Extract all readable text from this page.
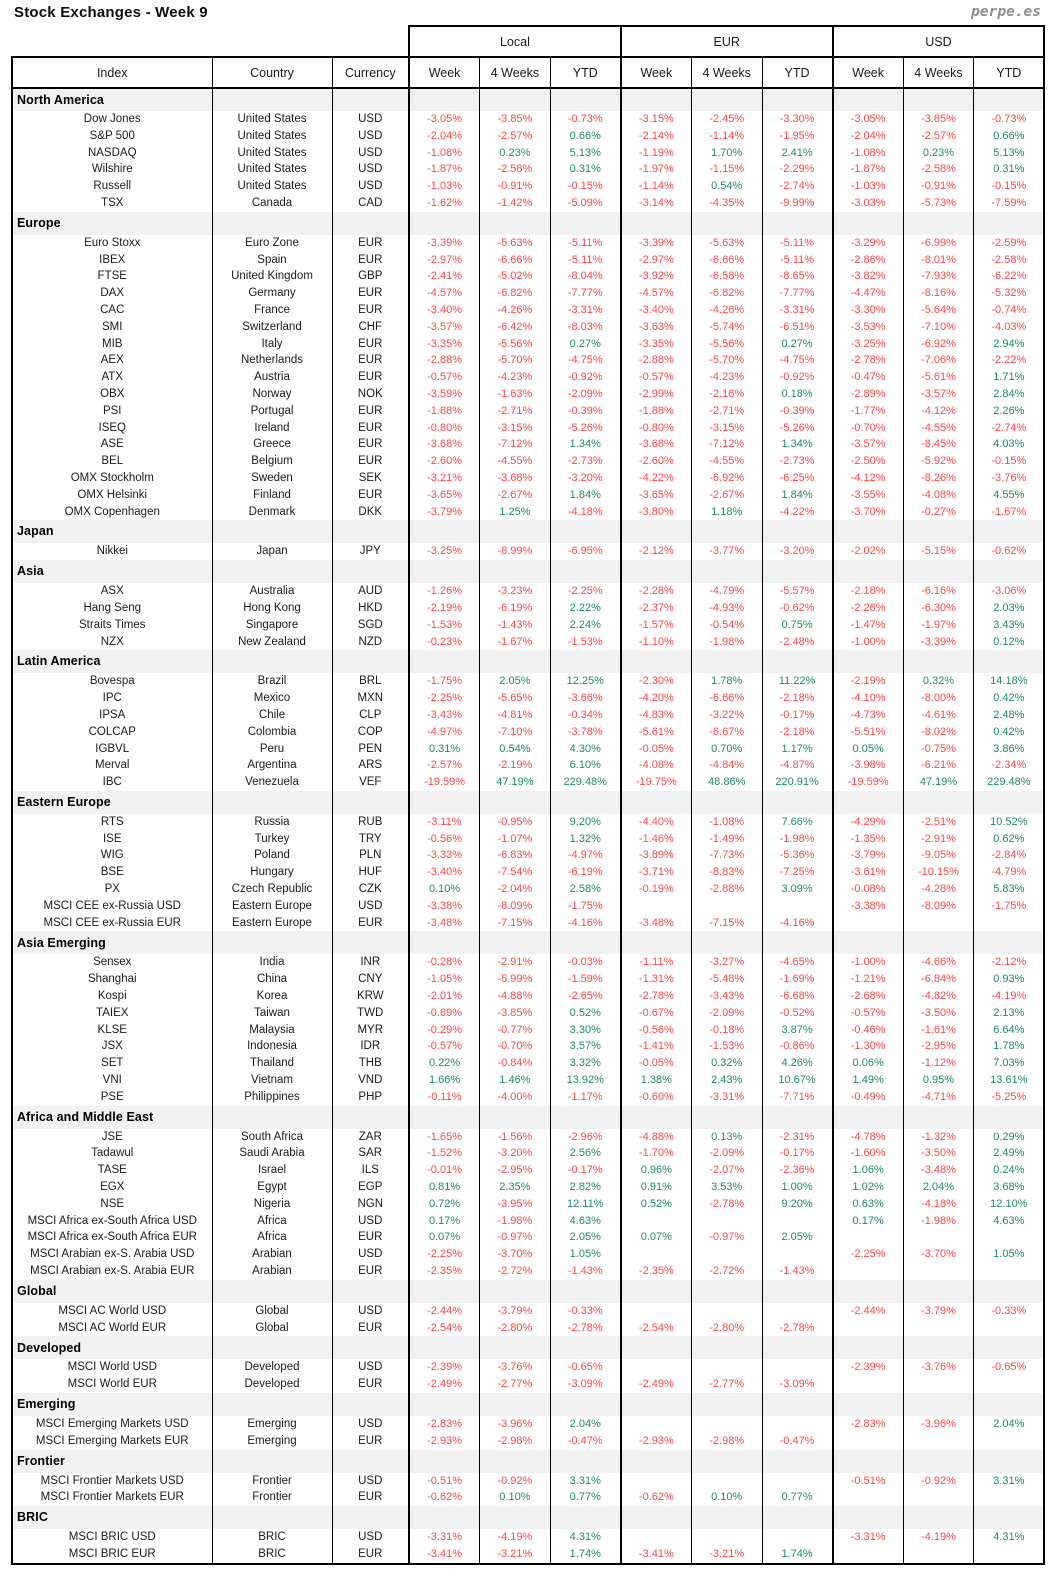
Stock Exchanges - Week 9	perpe.es
			Local			EUR			USD		
Index	Country	Currency	Week	4 Weeks	YTD	Week	4 Weeks	YTD	Week	4 Weeks	YTD
North America											
Dow Jones	United States	USD	-3.05%	-3.85%	-0.73%	-3.15%	-2.45%	-3.30%	-3.05%	-3.85%	-0.73%
S&P 500	United States	USD	-2.04%	-2.57%	0.66%	-2.14%	-1.14%	-1.95%	-2.04%	-2.57%	0.66%
NASDAQ	United States	USD	-1.08%	0.23%	5.13%	-1.19%	1.70%	2.41%	-1.08%	0.23%	5.13%
Wilshire	United States	USD	-1.87%	-2.58%	0.31%	-1.97%	-1.15%	-2.29%	-1.87%	-2.58%	0.31%
Russell	United States	USD	-1.03%	-0.91%	-0.15%	-1.14%	0.54%	-2.74%	-1.03%	-0.91%	-0.15%
TSX	Canada	CAD	-1.62%	-1.42%	-5.09%	-3.14%	-4.35%	-9.99%	-3.03%	-5.73%	-7.59%
Europe											
Euro Stoxx	Euro Zone	EUR	-3.39%	-5.63%	-5.11%	-3.39%	-5.63%	-5.11%	-3.29%	-6.99%	-2.59%
IBEX	Spain	EUR	-2.97%	-6.66%	-5.11%	-2.97%	-6.66%	-5.11%	-2.86%	-8.01%	-2.58%
FTSE	United Kingdom	GBP	-2.41%	-5.02%	-8.04%	-3.92%	-6.58%	-8.65%	-3.82%	-7.93%	-6.22%
DAX	Germany	EUR	-4.57%	-6.82%	-7.77%	-4.57%	-6.82%	-7.77%	-4.47%	-8.16%	-5.32%
CAC	France	EUR	-3.40%	-4.26%	-3.31%	-3.40%	-4.26%	-3.31%	-3.30%	-5.64%	-0.74%
SMI	Switzerland	CHF	-3.57%	-6.42%	-8.03%	-3.63%	-5.74%	-6.51%	-3.53%	-7.10%	-4.03%
MIB	Italy	EUR	-3.35%	-5.56%	0.27%	-3.35%	-5.56%	0.27%	-3.25%	-6.92%	2.94%
AEX	Netherlands	EUR	-2.88%	-5.70%	-4.75%	-2.88%	-5.70%	-4.75%	-2.78%	-7.06%	-2.22%
ATX	Austria	EUR	-0.57%	-4.23%	-0.92%	-0.57%	-4.23%	-0.92%	-0.47%	-5.61%	1.71%
OBX	Norway	NOK	-3.59%	-1.63%	-2.09%	-2.99%	-2.16%	0.18%	-2.89%	-3.57%	2.84%
PSI	Portugal	EUR	-1.88%	-2.71%	-0.39%	-1.88%	-2.71%	-0.39%	-1.77%	-4.12%	2.26%
ISEQ	Ireland	EUR	-0.80%	-3.15%	-5.26%	-0.80%	-3.15%	-5.26%	-0.70%	-4.55%	-2.74%
ASE	Greece	EUR	-3.68%	-7.12%	1.34%	-3.68%	-7.12%	1.34%	-3.57%	-8.45%	4.03%
BEL	Belgium	EUR	-2.60%	-4.55%	-2.73%	-2.60%	-4.55%	-2.73%	-2.50%	-5.92%	-0.15%
OMX Stockholm	Sweden	SEK	-3.21%	-3.68%	-3.20%	-4.22%	-6.92%	-6.25%	-4.12%	-8.26%	-3.76%
OMX Helsinki	Finland	EUR	-3.65%	-2.67%	1.84%	-3.65%	-2.67%	1.84%	-3.55%	-4.08%	4.55%
OMX Copenhagen	Denmark	DKK	-3.79%	1.25%	-4.18%	-3.80%	1.18%	-4.22%	-3.70%	-0.27%	-1.67%
Japan											
Nikkei	Japan	JPY	-3.25%	-8.99%	-6.95%	-2.12%	-3.77%	-3.20%	-2.02%	-5.15%	-0.62%
Asia											
ASX	Australia	AUD	-1.26%	-3.23%	-2.25%	-2.28%	-4.79%	-5.57%	-2.18%	-6.16%	-3.06%
Hang Seng	Hong Kong	HKD	-2.19%	-6.19%	2.22%	-2.37%	-4.93%	-0.62%	-2.26%	-6.30%	2.03%
Straits Times	Singapore	SGD	-1.53%	-1.43%	2.24%	-1.57%	-0.54%	0.75%	-1.47%	-1.97%	3.43%
NZX	New Zealand	NZD	-0.23%	-1.67%	-1.53%	-1.10%	-1.98%	-2.48%	-1.00%	-3.39%	0.12%
Latin America											
Bovespa	Brazil	BRL	-1.75%	2.05%	12.25%	-2.30%	1.78%	11.22%	-2.19%	0.32%	14.18%
IPC	Mexico	MXN	-2.25%	-5.65%	-3.66%	-4.20%	-6.66%	-2.18%	-4.10%	-8.00%	0.42%
IPSA	Chile	CLP	-3.43%	-4.81%	-0.34%	-4.83%	-3.22%	-0.17%	-4.73%	-4.61%	2.48%
COLCAP	Colombia	COP	-4.97%	-7.10%	-3.78%	-5.61%	-6.67%	-2.18%	-5.51%	-8.02%	0.42%
IGBVL	Peru	PEN	0.31%	0.54%	4.30%	-0.05%	0.70%	1.17%	0.05%	-0.75%	3.86%
Merval	Argentina	ARS	-2.57%	-2.19%	6.10%	-4.08%	-4.84%	-4.87%	-3.98%	-6.21%	-2.34%
IBC	Venezuela	VEF	-19.59%	47.19%	229.48%	-19.75%	48.86%	220.91%	-19.59%	47.19%	229.48%
Eastern Europe											
RTS	Russia	RUB	-3.11%	-0.95%	9.20%	-4.40%	-1.08%	7.66%	-4.29%	-2.51%	10.52%
ISE	Turkey	TRY	-0.56%	-1.07%	1.32%	-1.46%	-1.49%	-1.98%	-1.35%	-2.91%	0.62%
WIG	Poland	PLN	-3.33%	-6.83%	-4.97%	-3.89%	-7.73%	-5.36%	-3.79%	-9.05%	-2.84%
BSE	Hungary	HUF	-3.40%	-7.54%	-6.19%	-3.71%	-8.83%	-7.25%	-3.61%	-10.15%	-4.79%
PX	Czech Republic	CZK	0.10%	-2.04%	2.58%	-0.19%	-2.88%	3.09%	-0.08%	-4.28%	5.83%
MSCI CEE ex-Russia USD	Eastern Europe	USD	-3.38%	-8.09%	-1.75%				-3.38%	-8.09%	-1.75%
MSCI CEE ex-Russia EUR	Eastern Europe	EUR	-3.48%	-7.15%	-4.16%	-3.48%	-7.15%	-4.16%			
Asia Emerging											
Sensex	India	INR	-0.28%	-2.91%	-0.03%	-1.11%	-3.27%	-4.65%	-1.00%	-4.66%	-2.12%
Shanghai	China	CNY	-1.05%	-5.99%	-1.59%	-1.31%	-5.48%	-1.69%	-1.21%	-6.84%	0.93%
Kospi	Korea	KRW	-2.01%	-4.88%	-2.65%	-2.78%	-3.43%	-6.68%	-2.68%	-4.82%	-4.19%
TAIEX	Taiwan	TWD	-0.89%	-3.85%	0.52%	-0.67%	-2.09%	-0.52%	-0.57%	-3.50%	2.13%
KLSE	Malaysia	MYR	-0.29%	-0.77%	3.30%	-0.56%	-0.18%	3.87%	-0.46%	-1.61%	6.64%
JSX	Indonesia	IDR	-0.57%	-0.70%	3.57%	-1.41%	-1.53%	-0.86%	-1.30%	-2.95%	1.78%
SET	Thailand	THB	0.22%	-0.84%	3.32%	-0.05%	0.32%	4.26%	0.06%	-1.12%	7.03%
VNI	Vietnam	VND	1.66%	1.46%	13.92%	1.38%	2.43%	10.67%	1.49%	0.95%	13.61%
PSE	Philippines	PHP	-0.11%	-4.00%	-1.17%	-0.60%	-3.31%	-7.71%	-0.49%	-4.71%	-5.25%
Africa and Middle East											
JSE	South Africa	ZAR	-1.65%	-1.56%	-2.96%	-4.88%	0.13%	-2.31%	-4.78%	-1.32%	0.29%
Tadawul	Saudi Arabia	SAR	-1.52%	-3.20%	2.56%	-1.70%	-2.09%	-0.17%	-1.60%	-3.50%	2.49%
TASE	Israel	ILS	-0.01%	-2.95%	-0.17%	0.96%	-2.07%	-2.36%	1.06%	-3.48%	0.24%
EGX	Egypt	EGP	0.81%	2.35%	2.82%	0.91%	3.53%	1.00%	1.02%	2.04%	3.68%
NSE	Nigeria	NGN	0.72%	-3.95%	12.11%	0.52%	-2.78%	9.20%	0.63%	-4.18%	12.10%
MSCI Africa ex-South Africa USD	Africa	USD	0.17%	-1.98%	4.63%				0.17%	-1.98%	4.63%
MSCI Africa ex-South Africa EUR	Africa	EUR	0.07%	-0.97%	2.05%	0.07%	-0.97%	2.05%			
MSCI Arabian ex-S. Arabia USD	Arabian	USD	-2.25%	-3.70%	1.05%				-2.25%	-3.70%	1.05%
MSCI Arabian ex-S. Arabia EUR	Arabian	EUR	-2.35%	-2.72%	-1.43%	-2.35%	-2.72%	-1.43%			
Global											
MSCI AC World USD	Global	USD	-2.44%	-3.79%	-0.33%				-2.44%	-3.79%	-0.33%
MSCI AC World EUR	Global	EUR	-2.54%	-2.80%	-2.78%	-2.54%	-2.80%	-2.78%			
Developed											
MSCI World USD	Developed	USD	-2.39%	-3.76%	-0.65%				-2.39%	-3.76%	-0.65%
MSCI World EUR	Developed	EUR	-2.49%	-2.77%	-3.09%	-2.49%	-2.77%	-3.09%			
Emerging											
MSCI Emerging Markets USD	Emerging	USD	-2.83%	-3.96%	2.04%				-2.83%	-3.96%	2.04%
MSCI Emerging Markets EUR	Emerging	EUR	-2.93%	-2.98%	-0.47%	-2.93%	-2.98%	-0.47%			
Frontier											
MSCI Frontier Markets USD	Frontier	USD	-0.51%	-0.92%	3.31%				-0.51%	-0.92%	3.31%
MSCI Frontier Markets EUR	Frontier	EUR	-0.62%	0.10%	0.77%	-0.62%	0.10%	0.77%			
BRIC											
MSCI BRIC USD	BRIC	USD	-3.31%	-4.19%	4.31%				-3.31%	-4.19%	4.31%
MSCI BRIC EUR	BRIC	EUR	-3.41%	-3.21%	1.74%	-3.41%	-3.21%	1.74%			
